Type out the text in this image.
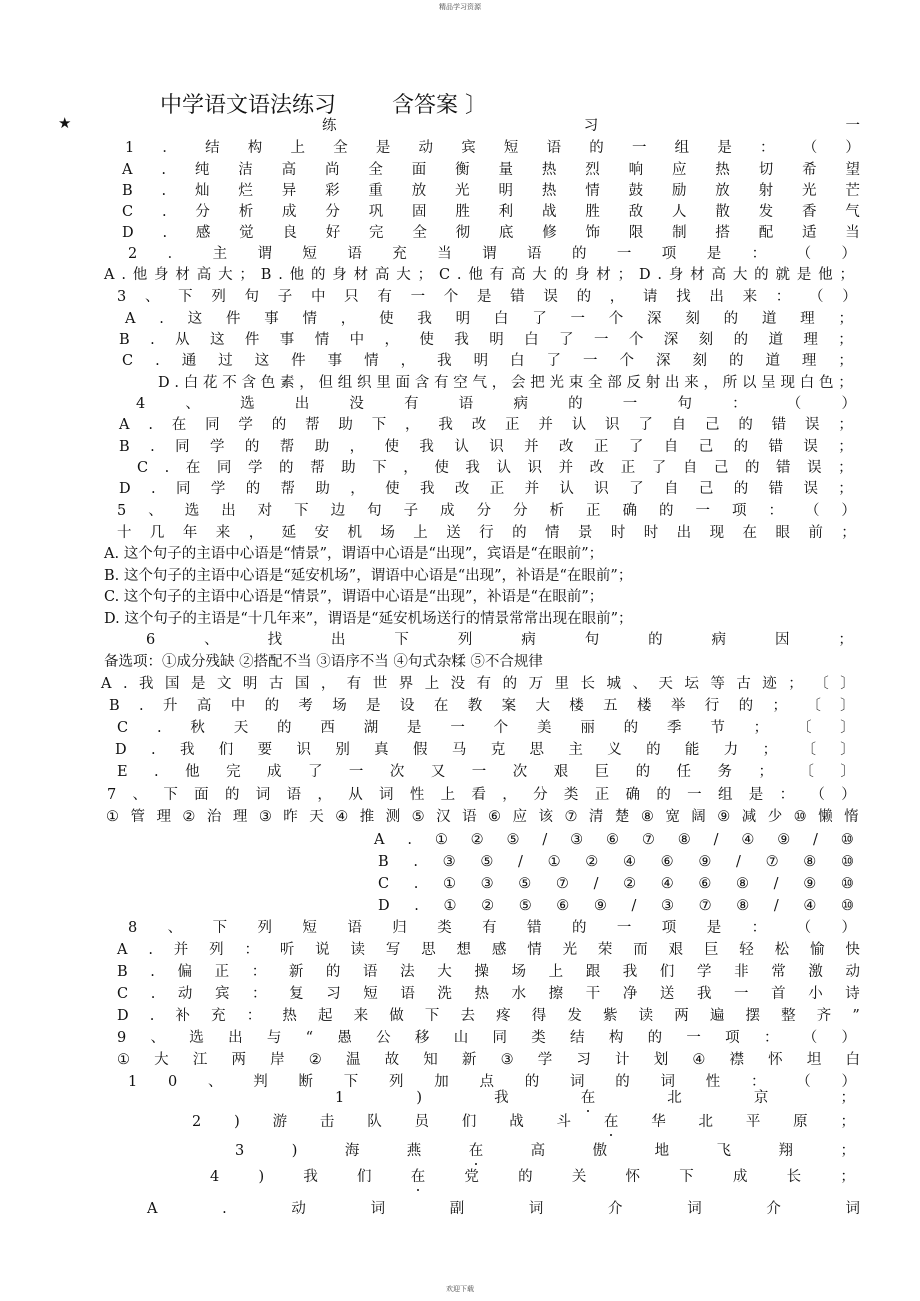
精品学习资源
中学语文语法练习        含答案 〕
★	练	习	一
1 ． 结 构 上 全 是 动 宾 短 语 的 一 组 是 ： （ ）
A . 纯 洁 高 尚 全 面 衡 量 热 烈 响 应 热 切 希 望
B . 灿 烂 异 彩 重 放 光 明 热 情 鼓 励 放 射 光 芒
C . 分 析 成 分 巩 固 胜 利 战 胜 敌 人 散 发 香 气
D . 感 觉 良 好 完 全 彻 底 修 饰 限 制 搭 配 适 当
2 ． 主 谓 短 语 充 当 谓 语 的 一 项 是 ： （ ）
A . 他 身 材 高 大 ； B . 他 的 身 材 高 大 ； C . 他 有 高 大 的 身 材 ； D . 身 材 高 大 的 就 是 他 ；
3 、 下 列 句 子 中 只 有 一 个 是 错 误 的 ， 请 找 出 来 ： （ ）
A . 这 件 事 情 ， 使 我 明 白 了 一 个 深 刻 的 道 理 ；
B . 从 这 件 事 情 中 ， 使 我 明 白 了 一 个 深 刻 的 道 理 ；
C . 通 过 这 件 事 情 ， 我 明 白 了 一 个 深 刻 的 道 理 ；
D . 白 花 不 含 色 素 ， 但 组 织 里 面 含 有 空 气 ， 会 把 光 束 全 部 反 射 出 来 ， 所 以 呈 现 白 色 ；
4	、	选	出	没	有	语	病	的	一	句	：	（	）
A . 在 同 学 的 帮 助 下 ， 我 改 正 并 认 识 了 自 己 的 错 误 ；
B . 同 学 的 帮 助 ， 使 我 认 识 并 改 正 了 自 己 的 错 误 ；
C . 在 同 学 的 帮 助 下 ， 使 我 认 识 并 改 正 了 自 己 的 错 误 ；
D . 同 学 的 帮 助 ， 使 我 改 正 并 认 识 了 自 己 的 错 误 ；
5 、 选 出 对 下 边 句 子 成 分 分 析 正 确 的 一 项 ： （ ）
十 几 年 来 ， 延 安 机 场 上 送 行 的 情 景 时 时 出 现 在 眼 前 ；
A. 这个句子的主语中心语是“情景”，谓语中心语是“出现”，宾语是“在眼前”；
B. 这个句子的主语中心语是“延安机场”，谓语中心语是“出现”，补语是“在眼前”；
C. 这个句子的主语中心语是“情景”，谓语中心语是“出现”，补语是“在眼前”；
D. 这个句子的主语是“十几年来”，谓语是“延安机场送行的情景常常出现在眼前”；
6	、	找	出	下	列	病	句	的	病	因	；
备选项：①成分残缺 ②搭配不当 ③语序不当 ④句式杂糅 ⑤不合规律
A . 我 国 是 文 明 古 国 ， 有 世 界 上 没 有 的 万 里 长 城 、 天 坛 等 古 迹 ； 〔 〕
B . 升 高 中 的 考 场 是 设 在 教 案 大 楼 五 楼 举 行 的 ； 〔 〕
C . 秋 天 的 西 湖 是 一 个 美 丽 的 季 节 ； 〔 〕
D . 我 们 要 识 别 真 假 马 克 思 主 义 的 能 力 ； 〔 〕
E . 他 完 成 了 一 次 又 一 次 艰 巨 的 任 务 ； 〔 〕
7 、 下 面 的 词 语 ， 从 词 性 上 看 ， 分 类 正 确 的 一 组 是 ： （ ）
① 管 理 ② 治 理 ③ 昨 天 ④ 推 测 ⑤ 汉 语 ⑥ 应 该 ⑦ 清 楚 ⑧ 宽 阔 ⑨ 减 少 ⑩ 懒 惰
A . ① ② ⑤ / ③ ⑥ ⑦ ⑧ / ④ ⑨ / ⑩
B . ③ ⑤ / ① ② ④ ⑥ ⑨ / ⑦ ⑧ ⑩
C . ① ③ ⑤ ⑦ / ② ④ ⑥ ⑧ / ⑨ ⑩
D . ① ② ⑤ ⑥ ⑨ / ③ ⑦ ⑧ / ④ ⑩
8 、 下 列 短 语 归 类 有 错 的 一 项 是 ： （ ）
A . 并 列 ： 听 说 读 写 思 想 感 情 光 荣 而 艰 巨 轻 松 愉 快
B . 偏 正 ： 新 的 语 法 大 操 场 上 跟 我 们 学 非 常 激 动
C . 动 宾 ： 复 习 短 语 洗 热 水 擦 干 净 送 我 一 首 小 诗
D . 补 充 ： 热 起 来 做 下 去 疼 得 发 紫 读 两 遍 摆 整 齐 ”
9 、 选 出 与 “ 愚 公 移 山 同 类 结 构 的 一 项 ： （ ）
① 大 江 两 岸 ② 温 故 知 新 ③ 学 习 计 划 ④ 襟 怀 坦 白
1 0 、 判 断 下 列 加 点 的 词 的 词 性 ： （ ）
1	)	我	在	北	京	；
2 ) 游 击 队 员 们 战 斗 在 华 北 平 原 ；
3	)	海	燕	在	高	傲	地	飞	翔	；
4	)	我	们	在	党	的	关	怀	下	成	长	；
A	.	动	词	副	词	介	词	介	词
欢迎下载
